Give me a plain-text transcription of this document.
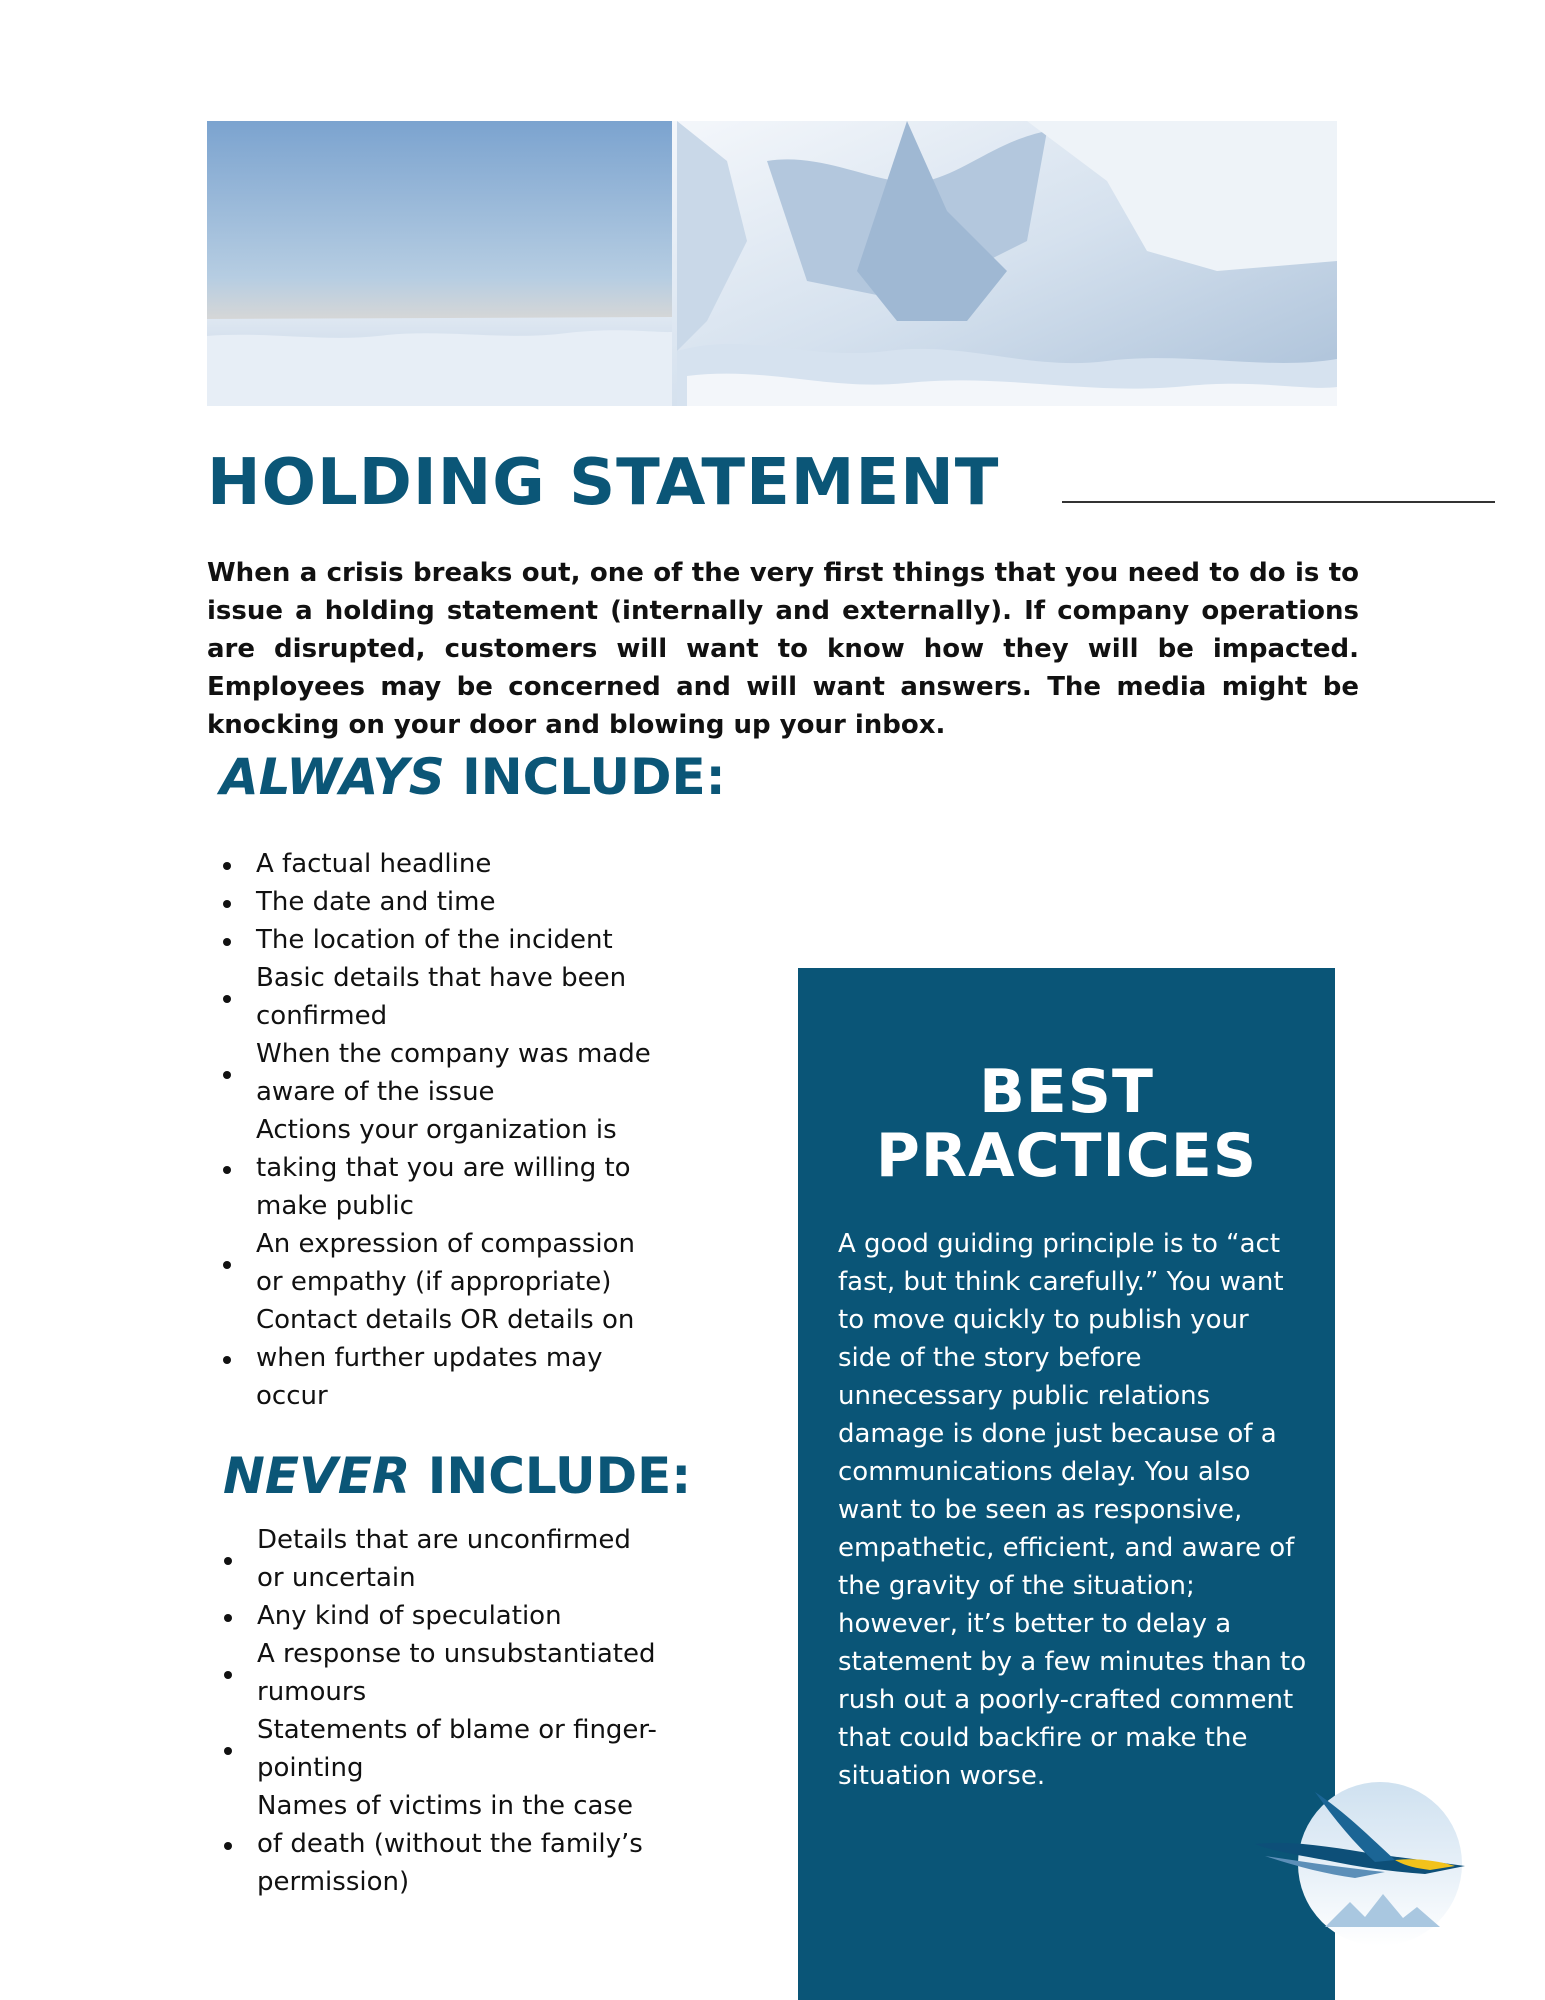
HOLDING STATEMENT

When a crisis breaks out, one of the very first things that you need to do is to issue a holding statement (internally and externally). If company operations are disrupted, customers will want to know how they will be impacted. Employees may be concerned and will want answers. The media might be knocking on your door and blowing up your inbox.

ALWAYS INCLUDE:
A factual headline
The date and time
The location of the incident
Basic details that have been confirmed
When the company was made aware of the issue
Actions your organization is taking that you are willing to make public
An expression of compassion or empathy (if appropriate)
Contact details OR details on when further updates may occur
NEVER INCLUDE:
Details that are unconfirmed or uncertain
Any kind of speculation
A response to unsubstantiated rumours
Statements of blame or finger-pointing
Names of victims in the case of death (without the family’s permission)
BEST
PRACTICES

A good guiding principle is to “act fast, but think carefully.” You want to move quickly to publish your side of the story before unnecessary public relations damage is done just because of a communications delay. You also want to be seen as responsive, empathetic, efficient, and aware of the gravity of the situation; however, it’s better to delay a statement by a few minutes than to rush out a poorly-crafted comment that could backfire or make the situation worse.
